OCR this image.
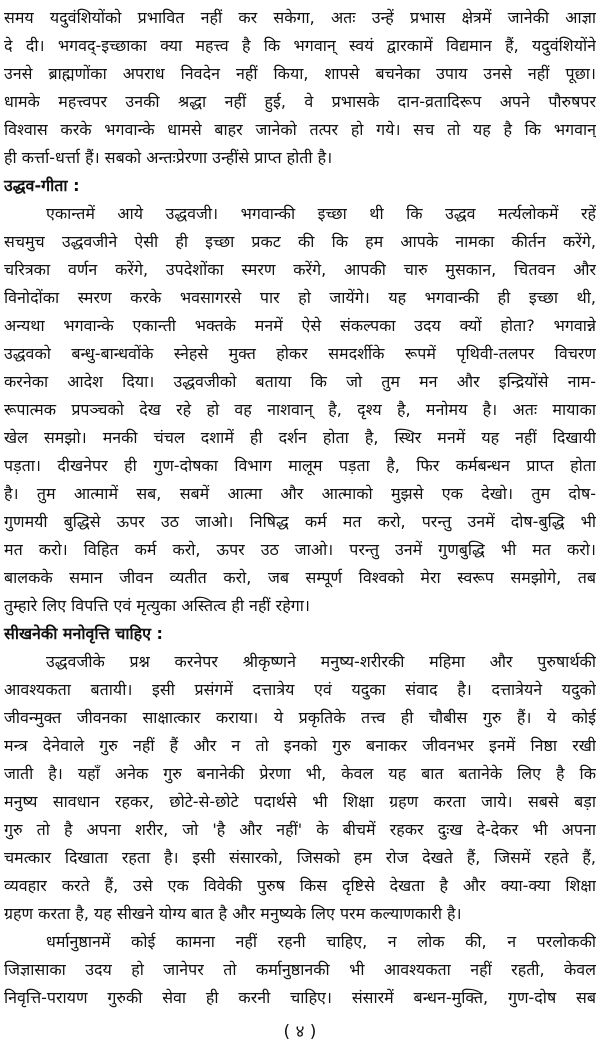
समय यदुवंशियोंको प्रभावित नहीं कर सकेगा, अतः उन्हें प्रभास क्षेत्रमें जानेकी आज्ञा
दे दी। भगवद्-इच्छाका क्या महत्त्व है कि भगवान् स्वयं द्वारकामें विद्यमान हैं, यदुवंशियोंने
उनसे ब्राह्मणोंका अपराध निवदेन नहीं किया, शापसे बचनेका उपाय उनसे नहीं पूछा।
धामके महत्त्वपर उनकी श्रद्धा नहीं हुई, वे प्रभासके दान-व्रतादिरूप अपने पौरुषपर
विश्वास करके भगवान्के धामसे बाहर जानेको तत्पर हो गये। सच तो यह है कि भगवान्
ही कर्त्ता-धर्त्ता हैं। सबको अन्तःप्रेरणा उन्हींसे प्राप्त होती है।
उद्धव-गीता :
एकान्तमें आये उद्धवजी। भगवान्की इच्छा थी कि उद्धव मर्त्यलोकमें रहें
सचमुच उद्धवजीने ऐसी ही इच्छा प्रकट की कि हम आपके नामका कीर्तन करेंगे,
चरित्रका वर्णन करेंगे, उपदेशोंका स्मरण करेंगे, आपकी चारु मुसकान, चितवन और
विनोदोंका स्मरण करके भवसागरसे पार हो जायेंगे। यह भगवान्की ही इच्छा थी,
अन्यथा भगवान्के एकान्ती भक्तके मनमें ऐसे संकल्पका उदय क्यों होता? भगवान्ने
उद्धवको बन्धु-बान्धवोंके स्नेहसे मुक्त होकर समदर्शीके रूपमें पृथिवी-तलपर विचरण
करनेका आदेश दिया। उद्धवजीको बताया कि जो तुम मन और इन्द्रियोंसे नाम-
रूपात्मक प्रपञ्चको देख रहे हो वह नाशवान् है, दृश्य है, मनोमय है। अतः मायाका
खेल समझो। मनकी चंचल दशामें ही दर्शन होता है, स्थिर मनमें यह नहीं दिखायी
पड़ता। दीखनेपर ही गुण-दोषका विभाग मालूम पड़ता है, फिर कर्मबन्धन प्राप्त होता
है। तुम आत्मामें सब, सबमें आत्मा और आत्माको मुझसे एक देखो। तुम दोष-
गुणमयी बुद्धिसे ऊपर उठ जाओ। निषिद्ध कर्म मत करो, परन्तु उनमें दोष-बुद्धि भी
मत करो। विहित कर्म करो, ऊपर उठ जाओ। परन्तु उनमें गुणबुद्धि भी मत करो।
बालकके समान जीवन व्यतीत करो, जब सम्पूर्ण विश्वको मेरा स्वरूप समझोगे, तब
तुम्हारे लिए विपत्ति एवं मृत्युका अस्तित्व ही नहीं रहेगा।
सीखनेकी मनोवृत्ति चाहिए :
उद्धवजीके प्रश्न करनेपर श्रीकृष्णने मनुष्य-शरीरकी महिमा और पुरुषार्थकी
आवश्यकता बतायी। इसी प्रसंगमें दत्तात्रेय एवं यदुका संवाद है। दत्तात्रेयने यदुको
जीवन्मुक्त जीवनका साक्षात्कार कराया। ये प्रकृतिके तत्त्व ही चौबीस गुरु हैं। ये कोई
मन्त्र देनेवाले गुरु नहीं हैं और न तो इनको गुरु बनाकर जीवनभर इनमें निष्ठा रखी
जाती है। यहाँ अनेक गुरु बनानेकी प्रेरणा भी, केवल यह बात बतानेके लिए है कि
मनुष्य सावधान रहकर, छोटे-से-छोटे पदार्थसे भी शिक्षा ग्रहण करता जाये। सबसे बड़ा
गुरु तो है अपना शरीर, जो 'है और नहीं' के बीचमें रहकर दुःख दे-देकर भी अपना
चमत्कार दिखाता रहता है। इसी संसारको, जिसको हम रोज देखते हैं, जिसमें रहते हैं,
व्यवहार करते हैं, उसे एक विवेकी पुरुष किस दृष्टिसे देखता है और क्या-क्या शिक्षा
ग्रहण करता है, यह सीखने योग्य बात है और मनुष्यके लिए परम कल्याणकारी है।
धर्मानुष्ठानमें कोई कामना नहीं रहनी चाहिए, न लोक की, न परलोककी
जिज्ञासाका उदय हो जानेपर तो कर्मानुष्ठानकी भी आवश्यकता नहीं रहती, केवल
निवृत्ति-परायण गुरुकी सेवा ही करनी चाहिए। संसारमें बन्धन-मुक्ति, गुण-दोष सब
( ४ )
